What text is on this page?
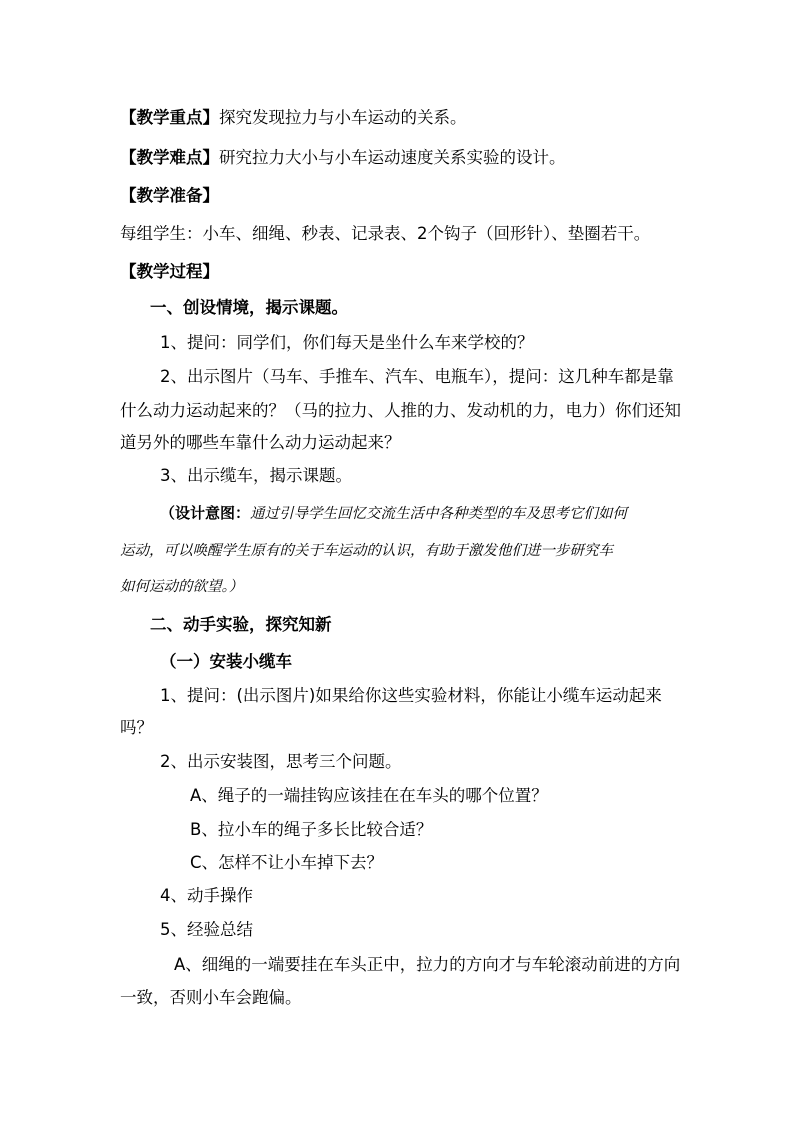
【教学重点】探究发现拉力与小车运动的关系。

【教学难点】研究拉力大小与小车运动速度关系实验的设计。

【教学准备】

每组学生：小车、细绳、秒表、记录表、2个钩子（回形针）、垫圈若干。

【教学过程】

一、创设情境，揭示课题。

1、提问：同学们，你们每天是坐什么车来学校的？

2、出示图片（马车、手推车、汽车、电瓶车），提问：这几种车都是靠

什么动力运动起来的？（马的拉力、人推的力、发动机的力，电力）你们还知

道另外的哪些车靠什么动力运动起来？

3、出示缆车，揭示课题。

（设计意图：通过引导学生回忆交流生活中各种类型的车及思考它们如何

运动，可以唤醒学生原有的关于车运动的认识，有助于激发他们进一步研究车

如何运动的欲望。）

二、动手实验，探究知新

（一）安装小缆车

1、提问：(出示图片)如果给你这些实验材料，你能让小缆车运动起来

吗？

2、出示安装图，思考三个问题。

A、绳子的一端挂钩应该挂在在车头的哪个位置？

B、拉小车的绳子多长比较合适？

C、怎样不让小车掉下去？

4、动手操作

5、经验总结

A、细绳的一端要挂在车头正中，拉力的方向才与车轮滚动前进的方向

一致，否则小车会跑偏。
